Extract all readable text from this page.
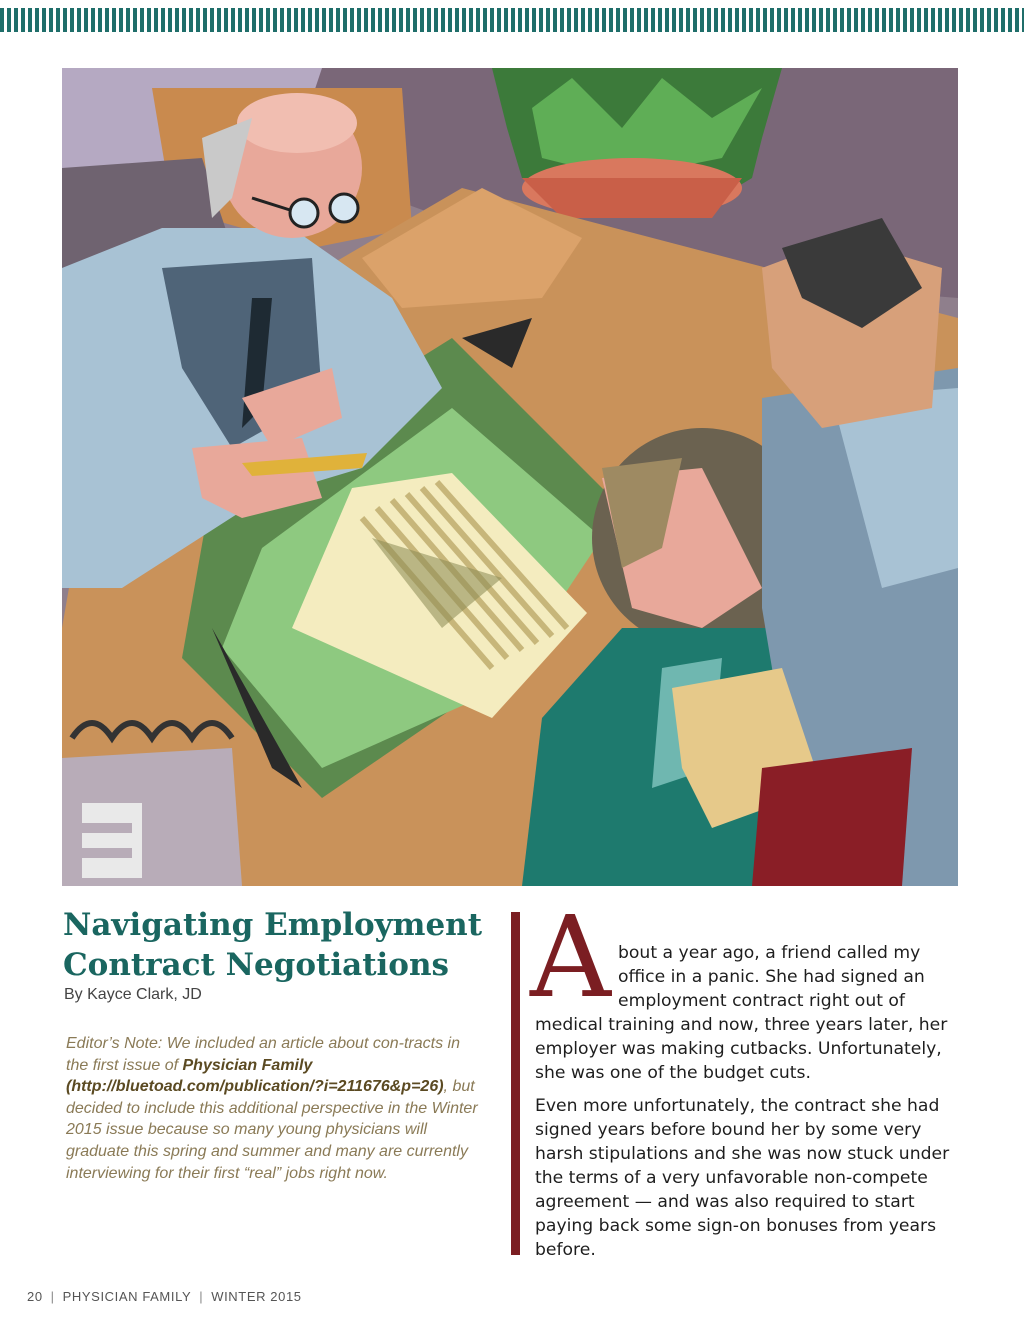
Navigating Employment
Contract Negotiations
By Kayce Clark, JD
Editor’s Note: We included an article about con-tracts in the first issue of Physician Family (http://bluetoad.com/publication/?i=211676&p=26), but decided to include this additional perspective in the Winter 2015 issue because so many young physicians will graduate this spring and summer and many are currently interviewing for their first “real” jobs right now.
A bout a year ago, a friend called my
office in a panic. She had signed an
employment contract right out of
medical training and now, three years later, her
employer was making cutbacks. Unfortunately,
she was one of the budget cuts.
Even more unfortunately, the contract she had
signed years before bound her by some very
harsh stipulations and she was now stuck under
the terms of a very unfavorable non-compete
agreement — and was also required to start
paying back some sign-on bonuses from years
before.
20 | PHYSICIAN FAMILY | WINTER 2015
